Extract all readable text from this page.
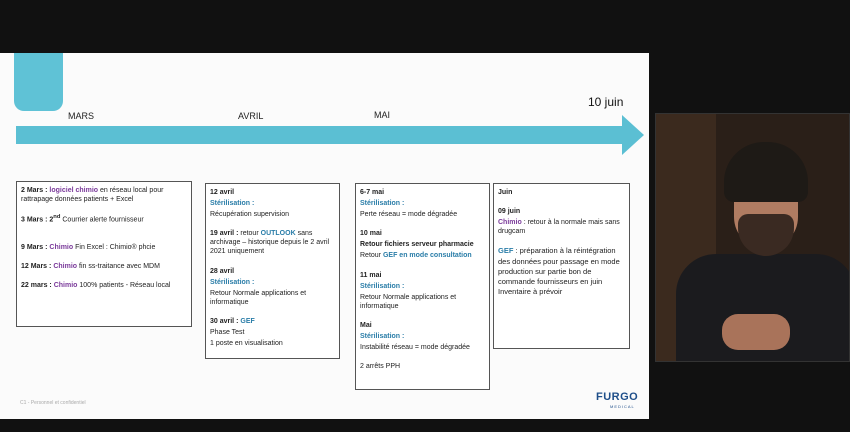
MARS	AVRIL	MAI
10 juin

2 Mars : logiciel chimio en réseau local pour rattrapage données patients + Excel

3 Mars : 2nd Courrier alerte fournisseur

9 Mars : Chimio Fin Excel : Chimio® phcie

12 Mars : Chimio fin ss-traitance avec MDM

22 mars : Chimio 100% patients - Réseau local

12 avril

Stérilisation :

Récupération supervision

19 avril : retour OUTLOOK sans archivage – historique depuis le 2 avril 2021 uniquement

28 avril

Stérilisation :

Retour Normale applications et informatique

30 avril : GEF

Phase Test

1 poste en visualisation

6-7 mai

Stérilisation :

Perte réseau = mode dégradée

10 mai

Retour fichiers serveur pharmacie

Retour GEF en mode consultation

11 mai

Stérilisation :

Retour Normale applications et informatique

Mai

Stérilisation :

Instabilité réseau = mode dégradée

2 arrêts PPH

Juin

09 juin

Chimio : retour à la normale mais sans drugcam

GEF : préparation à la réintégration des données pour passage en mode production sur partie bon de commande fournisseurs en juin Inventaire à prévoir

C1 - Personnel et confidentiel	FURGO
MEDICAL
